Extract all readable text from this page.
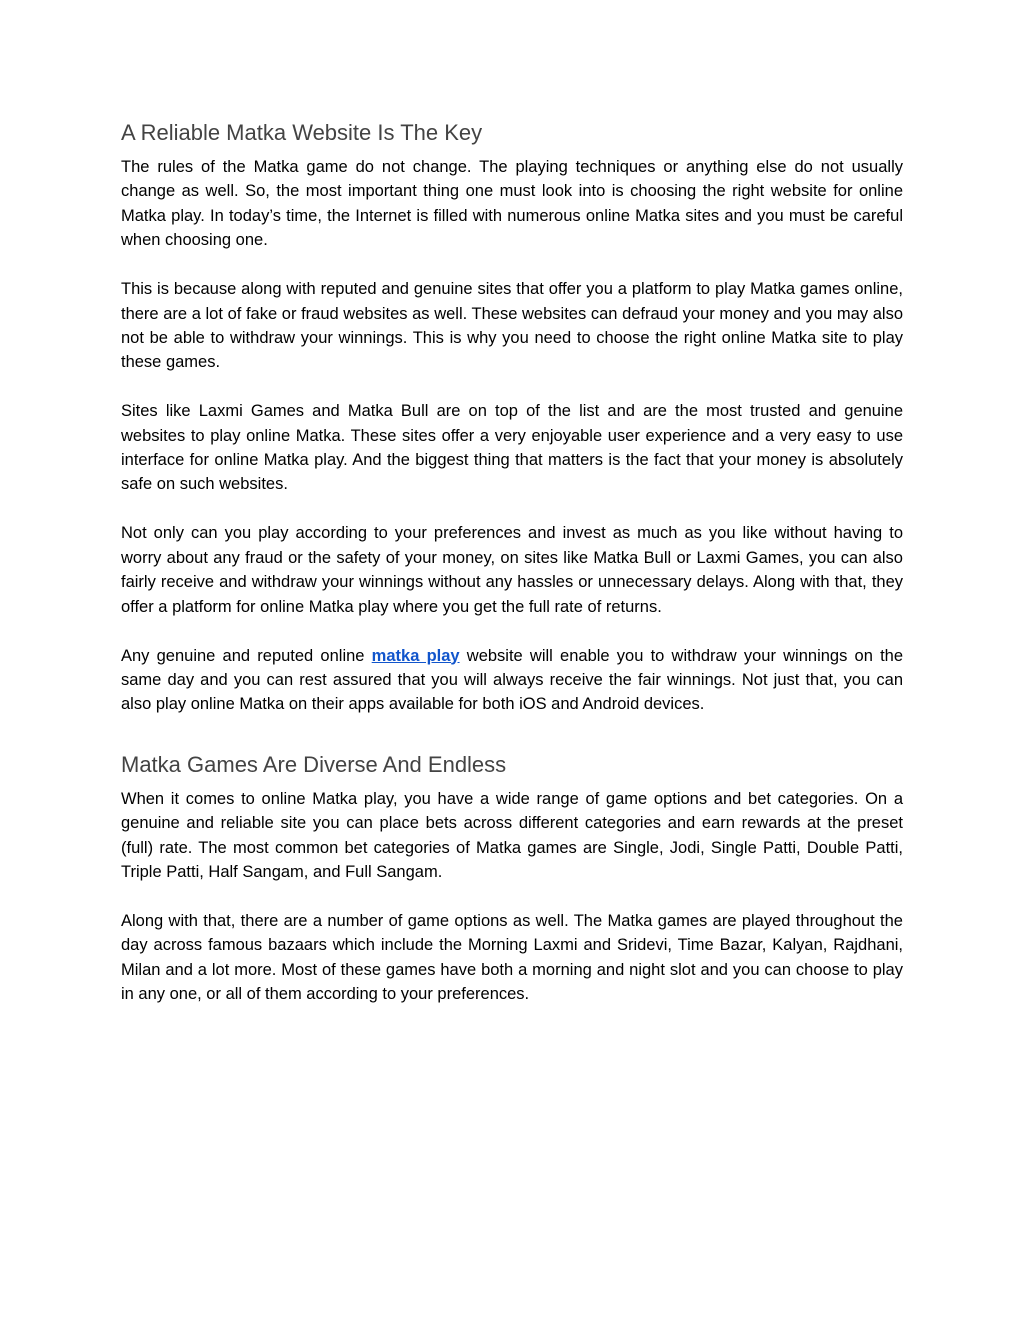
A Reliable Matka Website Is The Key

The rules of the Matka game do not change. The playing techniques or anything else do not usually change as well. So, the most important thing one must look into is choosing the right website for online Matka play. In today’s time, the Internet is filled with numerous online Matka sites and you must be careful when choosing one.

This is because along with reputed and genuine sites that offer you a platform to play Matka games online, there are a lot of fake or fraud websites as well. These websites can defraud your money and you may also not be able to withdraw your winnings. This is why you need to choose the right online Matka site to play these games.

Sites like Laxmi Games and Matka Bull are on top of the list and are the most trusted and genuine websites to play online Matka. These sites offer a very enjoyable user experience and a very easy to use interface for online Matka play. And the biggest thing that matters is the fact that your money is absolutely safe on such websites.

Not only can you play according to your preferences and invest as much as you like without having to worry about any fraud or the safety of your money, on sites like Matka Bull or Laxmi Games, you can also fairly receive and withdraw your winnings without any hassles or unnecessary delays. Along with that, they offer a platform for online Matka play where you get the full rate of returns.

Any genuine and reputed online matka play website will enable you to withdraw your winnings on the same day and you can rest assured that you will always receive the fair winnings. Not just that, you can also play online Matka on their apps available for both iOS and Android devices.

Matka Games Are Diverse And Endless

When it comes to online Matka play, you have a wide range of game options and bet categories. On a genuine and reliable site you can place bets across different categories and earn rewards at the preset (full) rate. The most common bet categories of Matka games are Single, Jodi, Single Patti, Double Patti, Triple Patti, Half Sangam, and Full Sangam.

Along with that, there are a number of game options as well. The Matka games are played throughout the day across famous bazaars which include the Morning Laxmi and Sridevi, Time Bazar, Kalyan, Rajdhani, Milan and a lot more. Most of these games have both a morning and night slot and you can choose to play in any one, or all of them according to your preferences.
